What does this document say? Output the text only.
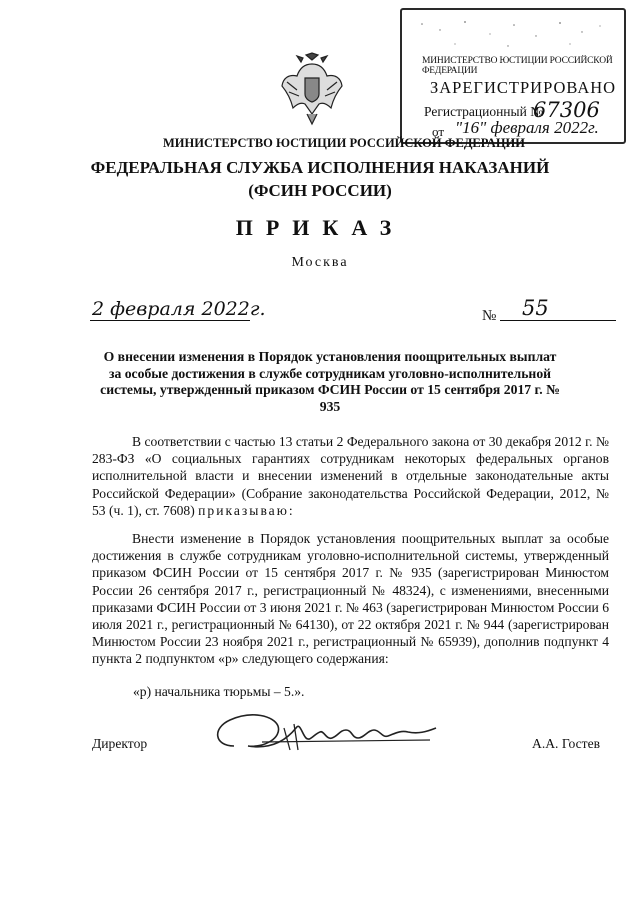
МИНИСТЕРСТВО ЮСТИЦИИ РОССИЙСКОЙ ФЕДЕРАЦИИ
ЗАРЕГИСТРИРОВАНО
Регистрационный №
67306
от "16" февраля 2022г.
МИНИСТЕРСТВО ЮСТИЦИИ РОССИЙСКОЙ ФЕДЕРАЦИИ
ФЕДЕРАЛЬНАЯ СЛУЖБА ИСПОЛНЕНИЯ НАКАЗАНИЙ
(ФСИН РОССИИ)
ПРИКАЗ
Москва
2 февраля 2022г.	№ 55
О внесении изменения в Порядок установления поощрительных выплат за особые достижения в службе сотрудникам уголовно-исполнительной системы, утвержденный приказом ФСИН России от 15 сентября 2017 г. № 935
В соответствии с частью 13 статьи 2 Федерального закона от 30 декабря 2012 г. № 283-ФЗ «О социальных гарантиях сотрудникам некоторых федеральных органов исполнительной власти и внесении изменений в отдельные законодательные акты Российской Федерации» (Собрание законодательства Российской Федерации, 2012, № 53 (ч. 1), ст. 7608) приказываю:
Внести изменение в Порядок установления поощрительных выплат за особые достижения в службе сотрудникам уголовно-исполнительной системы, утвержденный приказом ФСИН России от 15 сентября 2017 г. № 935 (зарегистрирован Минюстом России 26 сентября 2017 г., регистрационный № 48324), с изменениями, внесенными приказами ФСИН России от 3 июня 2021 г. № 463 (зарегистрирован Минюстом России 6 июля 2021 г., регистрационный № 64130), от 22 октября 2021 г. № 944 (зарегистрирован Минюстом России 23 ноября 2021 г., регистрационный № 65939), дополнив подпункт 4 пункта 2 подпунктом «р» следующего содержания:
«р) начальника тюрьмы – 5.».
Директор	А.А. Гостев
